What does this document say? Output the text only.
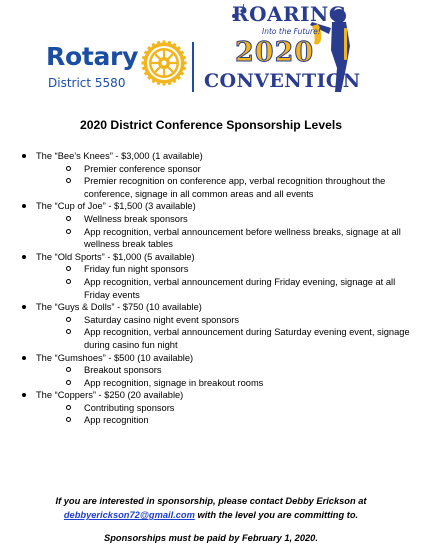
Rotary
District 5580
ROARING
Into the Future!
2020
CONVENTION
2020 District Conference Sponsorship Levels
The “Bee’s Knees” - $3,000 (1 available)
Premier conference sponsor
Premier recognition on conference app, verbal recognition throughout the conference, signage in all common areas and all events
The “Cup of Joe” - $1,500 (3 available)
Wellness break sponsors
App recognition, verbal announcement before wellness breaks, signage at all wellness break tables
The “Old Sports” - $1,000 (5 available)
Friday fun night sponsors
App recognition, verbal announcement during Friday evening, signage at all Friday events
The “Guys & Dolls” - $750 (10 available)
Saturday casino night event sponsors
App recognition, verbal announcement during Saturday evening event, signage during casino fun night
The “Gumshoes” - $500 (10 available)
Breakout sponsors
App recognition, signage in breakout rooms
The “Coppers” - $250 (20 available)
Contributing sponsors
App recognition
If you are interested in sponsorship, please contact Debby Erickson at
debbyerickson72@gmail.com with the level you are committing to.
Sponsorships must be paid by February 1, 2020.
